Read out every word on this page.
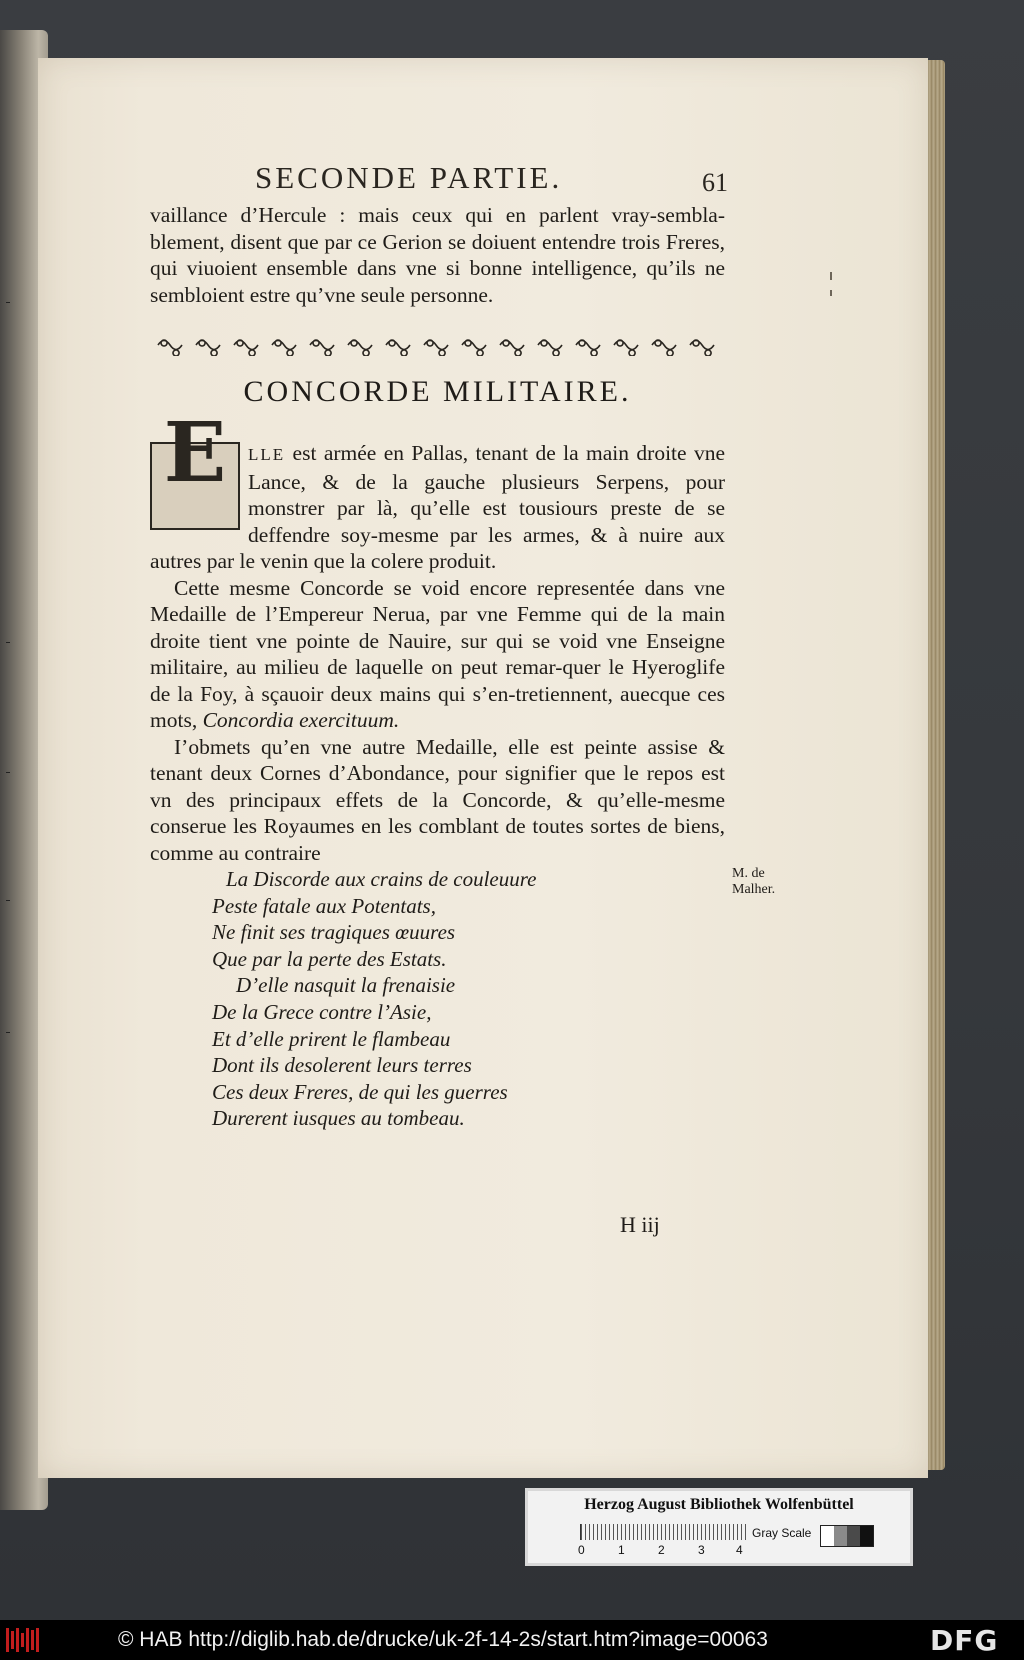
SECONDE PARTIE.	61

vaillance d’Hercule : mais ceux qui en parlent vray-sembla-blement, disent que par ce Gerion se doiuent entendre trois Freres, qui viuoient ensemble dans vne si bonne intelligence, qu’ils ne sembloient estre qu’vne seule personne.

CONCORDE MILITAIRE.

E	LLE est armée en Pallas, tenant de la main droite vne Lance, & de la gauche plusieurs Serpens, pour monstrer par là, qu’elle est tousiours preste de se deffendre soy-mesme par les armes, & à nuire aux autres par le venin que la colere produit.

Cette mesme Concorde se void encore representée dans vne Medaille de l’Empereur Nerua, par vne Femme qui de la main droite tient vne pointe de Nauire, sur qui se void vne Enseigne militaire, au milieu de laquelle on peut remar-quer le Hyeroglife de la Foy, à sçauoir deux mains qui s’en-tretiennent, auecque ces mots, Concordia exercituum.

I’obmets qu’en vne autre Medaille, elle est peinte assise & tenant deux Cornes d’Abondance, pour signifier que le repos est vn des principaux effets de la Concorde, & qu’elle-mesme conserue les Royaumes en les comblant de toutes sortes de biens, comme au contraire

M. de
Malher.
La Discorde aux crains de couleuure
Peste fatale aux Potentats,
Ne finit ses tragiques œuures
Que par la perte des Estats.
D’elle nasquit la frenaisie
De la Grece contre l’Asie,
Et d’elle prirent le flambeau
Dont ils desolerent leurs terres
Ces deux Freres, de qui les guerres
Durerent iusques au tombeau.
H iij
Herzog August Bibliothek Wolfenbüttel
0	1	2	3	4
Gray Scale
© HAB http://diglib.hab.de/drucke/uk-2f-14-2s/start.htm?image=00063	DFG
